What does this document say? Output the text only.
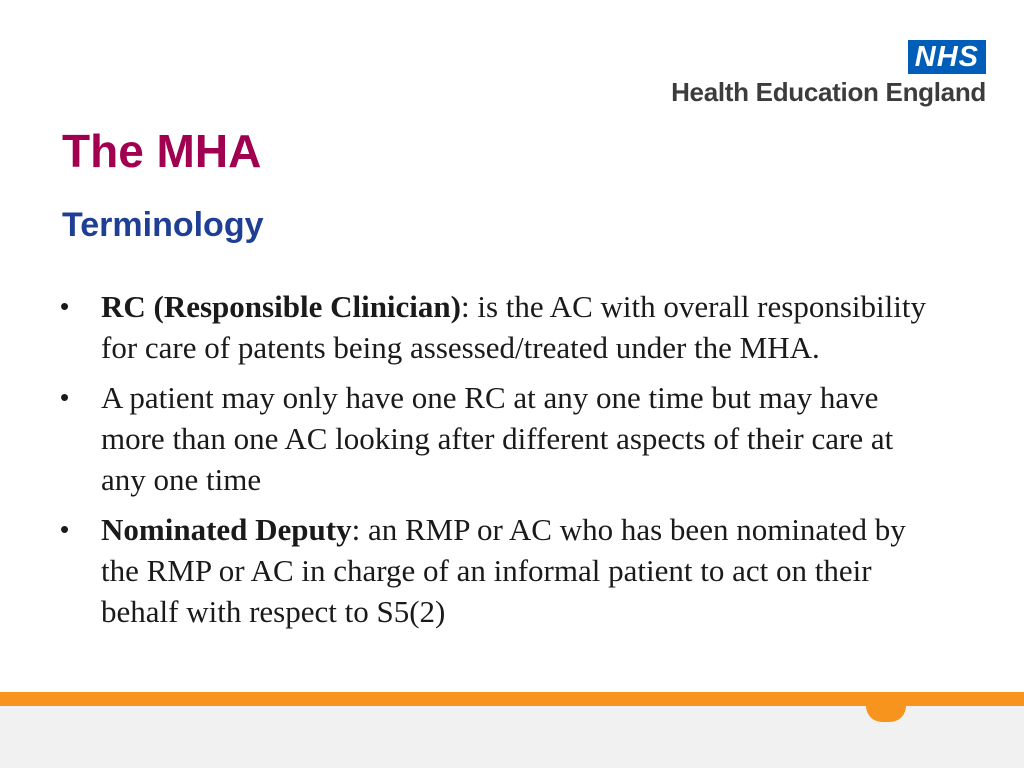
NHS
Health Education England
The MHA
Terminology
• RC (Responsible Clinician): is the AC with overall responsibility for care of patents being assessed/treated under the MHA.
• A patient may only have one RC at any one time but may have more than one AC looking after different aspects of their care at any one time
• Nominated Deputy: an RMP or AC who has been nominated by the RMP or AC in charge of an informal patient to act on their behalf with respect to S5(2)
